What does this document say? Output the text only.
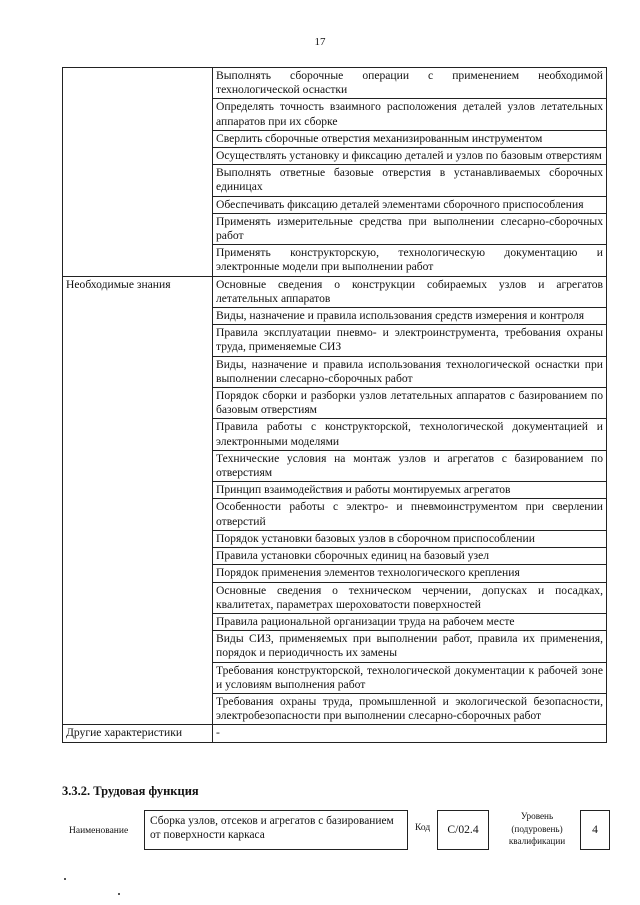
17
	Выполнять сборочные операции с применением необходимой технологической оснастки
	Определять точность взаимного расположения деталей узлов летательных аппаратов при их сборке
	Сверлить сборочные отверстия механизированным инструментом
	Осуществлять установку и фиксацию деталей и узлов по базовым отверстиям
	Выполнять ответные базовые отверстия в устанавливаемых сборочных единицах
	Обеспечивать фиксацию деталей элементами сборочного приспособления
	Применять измерительные средства при выполнении слесарно-сборочных работ
	Применять конструкторскую, технологическую документацию и электронные модели при выполнении работ
Необходимые знания	Основные сведения о конструкции собираемых узлов и агрегатов летательных аппаратов
	Виды, назначение и правила использования средств измерения и контроля
	Правила эксплуатации пневмо- и электроинструмента, требования охраны труда, применяемые СИЗ
	Виды, назначение и правила использования технологической оснастки при выполнении слесарно-сборочных работ
	Порядок сборки и разборки узлов летательных аппаратов с базированием по базовым отверстиям
	Правила работы с конструкторской, технологической документацией и электронными моделями
	Технические условия на монтаж узлов и агрегатов с базированием по отверстиям
	Принцип взаимодействия и работы монтируемых агрегатов
	Особенности работы с электро- и пневмоинструментом при сверлении отверстий
	Порядок установки базовых узлов в сборочном приспособлении
	Правила установки сборочных единиц на базовый узел
	Порядок применения элементов технологического крепления
	Основные сведения о техническом черчении, допусках и посадках, квалитетах, параметрах шероховатости поверхностей
	Правила рациональной организации труда на рабочем месте
	Виды СИЗ, применяемых при выполнении работ, правила их применения, порядок и периодичность их замены
	Требования конструкторской, технологической документации к рабочей зоне и условиям выполнения работ
	Требования охраны труда, промышленной и экологической безопасности, электробезопасности при выполнении слесарно-сборочных работ
Другие характеристики	-
3.3.2. Трудовая функция
Наименование
Сборка узлов, отсеков и агрегатов с базированием от поверхности каркаса
Код	С/02.4
Уровень (подуровень) квалификации
4
